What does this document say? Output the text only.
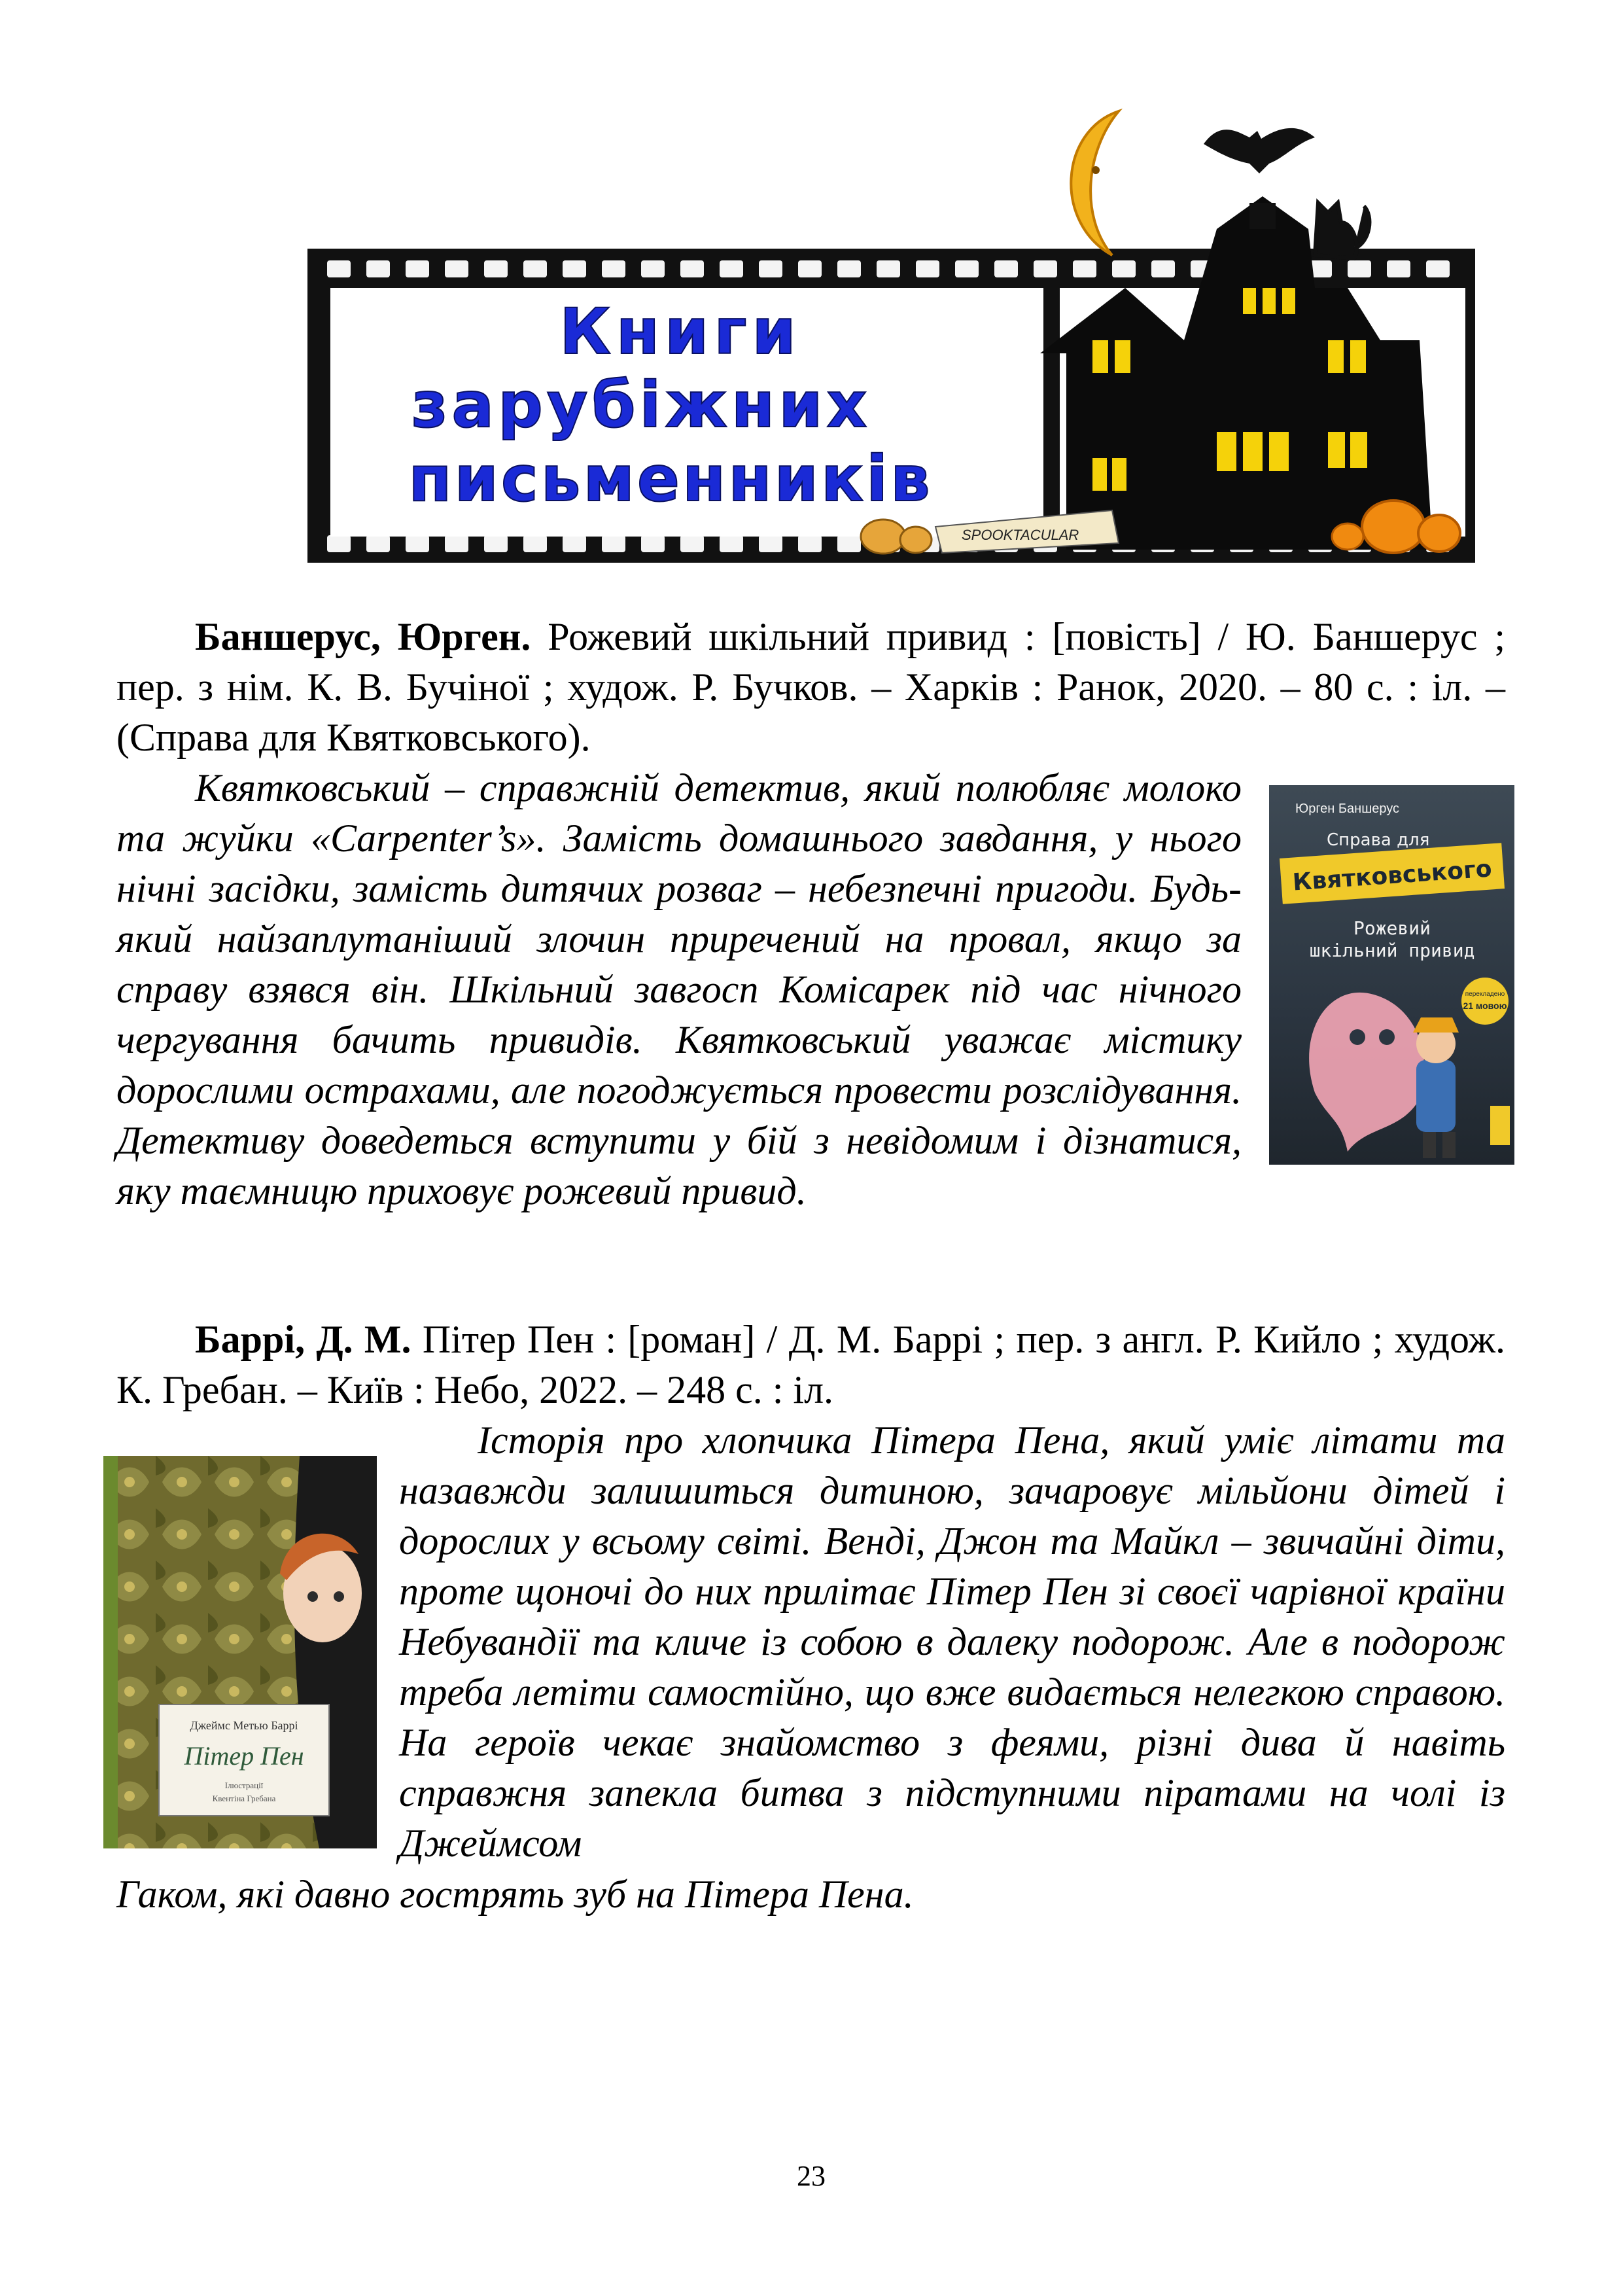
Книги
зарубіжних
письменників
SPOOKTACULAR

Баншерус, Юрген. Рожевий шкільний привид : [повість] / Ю. Баншерус ; пер. з нім. К. В. Бучіної ; худож. Р. Бучков. – Харків : Ранок, 2020. – 80 с. : іл. – (Справа для Квятковського).

Квятковський – справжній детектив, який полюбляє молоко та жуйки «Carpenter’s». Замість домашнього завдання, у нього нічні засідки, замість дитячих розваг – небезпечні пригоди. Будь-який найзаплутаніший злочин приречений на провал, якщо за справу взявся він. Шкільний завгосп Комісарек під час нічного чергування бачить привидів. Квятковський уважає містику дорослими острахами, але погоджується провести розслідування. Детективу доведеться вступити у бій з невідомим і дізнатися, яку таємницю приховує рожевий привид.

Юрген Баншерус
Справа для
Квятковського
Рожевий
шкільний привид
перекладено
21 мовою

Баррі, Д. М. Пітер Пен : [роман] / Д. М. Баррі ; пер. з англ. Р. Кийло ; худож. К. Гребан. – Київ : Небо, 2022. – 248 с. : іл.

Історія про хлопчика Пітера Пена, який уміє літати та назавжди залишиться дитиною, зачаровує мільйони дітей і дорослих у всьому світі. Венді, Джон та Майкл – звичайні діти, проте щоночі до них прилітає Пітер Пен зі своєї чарівної країни Небувандії та кличе із собою в далеку подорож. Але в подорож треба летіти самостійно, що вже видається нелегкою справою. На героїв чекає знайомство з феями, різні дива й навіть справжня запекла битва з підступними піратами на чолі із Джеймсом

Гаком, які давно гострять зуб на Пітера Пена.

Джеймс Метью Баррі
Пітер Пен
Ілюстрації
Квентіна Гребана
23
